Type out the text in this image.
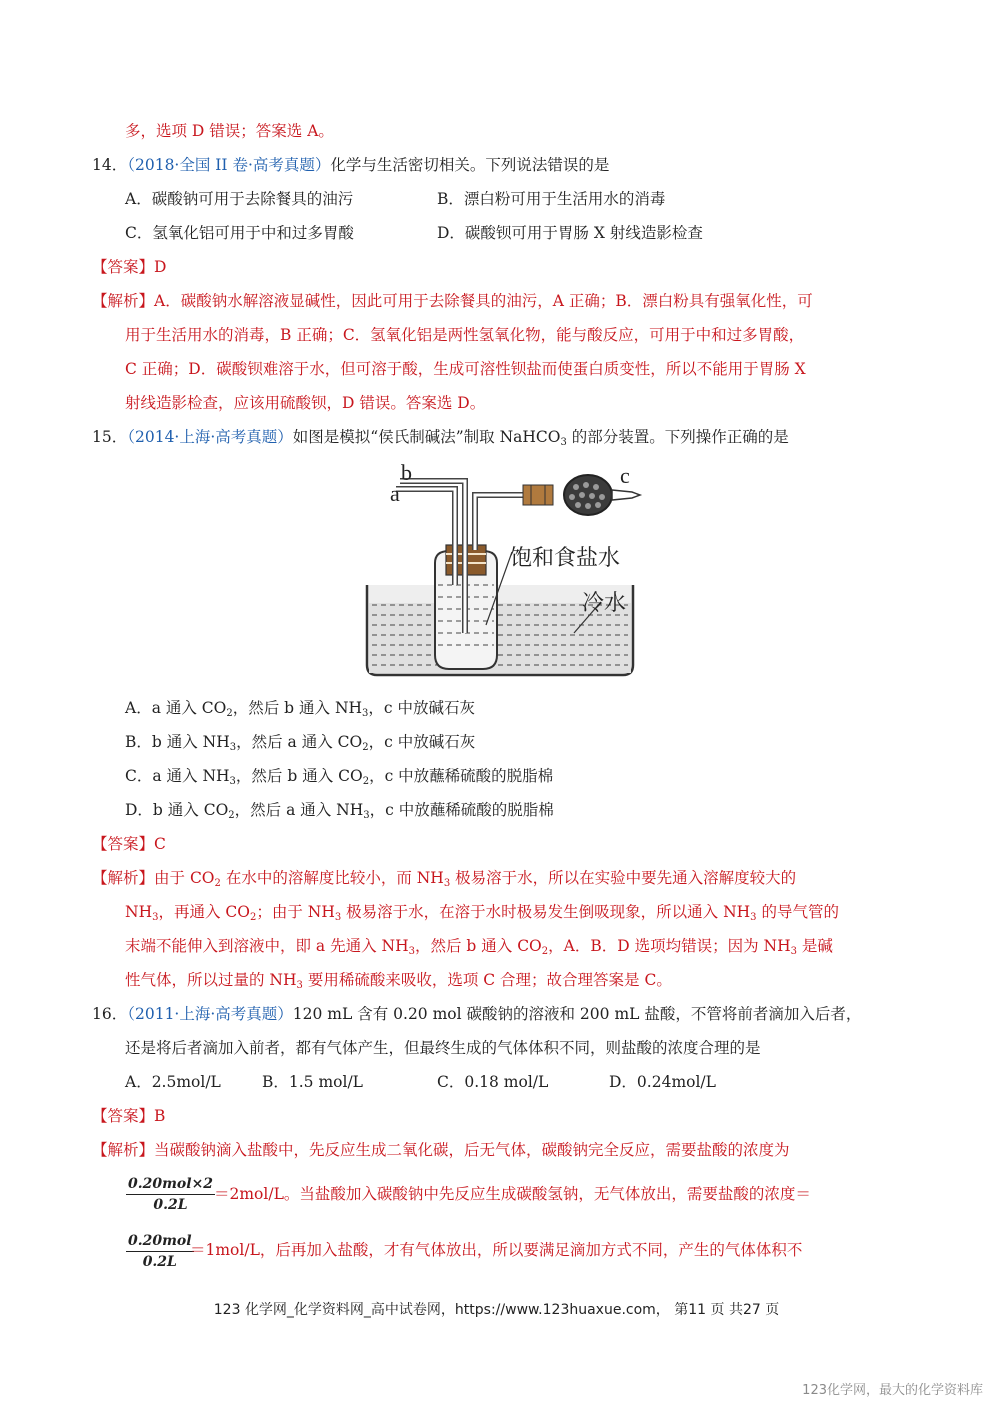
多，选项 D 错误；答案选 A。
14．（2018·全国 II 卷·高考真题）化学与生活密切相关。下列说法错误的是
A．碳酸钠可用于去除餐具的油污	B．漂白粉可用于生活用水的消毒
C．氢氧化铝可用于中和过多胃酸	D．碳酸钡可用于胃肠 X 射线造影检查
【答案】D
【解析】A．碳酸钠水解溶液显碱性，因此可用于去除餐具的油污，A 正确；B．漂白粉具有强氧化性，可
用于生活用水的消毒，B 正确；C．氢氧化铝是两性氢氧化物，能与酸反应，可用于中和过多胃酸，
C 正确；D．碳酸钡难溶于水，但可溶于酸，生成可溶性钡盐而使蛋白质变性，所以不能用于胃肠 X
射线造影检查，应该用硫酸钡，D 错误。答案选 D。
15．（2014·上海·高考真题）如图是模拟“侯氏制碱法”制取 NaHCO$_3$ 的部分装置。下列操作正确的是
a
b	c
饱和食盐水
冷水
A．a 通入 $CO_2$，然后 b 通入 $NH_3$，c 中放碱石灰
B．b 通入 $NH_3$，然后 a 通入 $CO_2$，c 中放碱石灰
C．a 通入 $NH_3$，然后 b 通入 $CO_2$，c 中放蘸稀硫酸的脱脂棉
D．b 通入 $CO_2$，然后 a 通入 $NH_3$，c 中放蘸稀硫酸的脱脂棉
【答案】C
【解析】由于 $CO_2$ 在水中的溶解度比较小，而 $NH_3$ 极易溶于水，所以在实验中要先通入溶解度较大的
$NH_3$，再通入 $CO_2$；由于 $NH_3$ 极易溶于水，在溶于水时极易发生倒吸现象，所以通入 $NH_3$ 的导气管的
末端不能伸入到溶液中，即 a 先通入 $NH_3$，然后 b 通入 $CO_2$，A．B．D 选项均错误；因为 $NH_3$ 是碱
性气体，所以过量的 $NH_3$ 要用稀硫酸来吸收，选项 C 合理；故合理答案是 C。
16．（2011·上海·高考真题）120 mL 含有 0.20 mol 碳酸钠的溶液和 200 mL 盐酸，不管将前者滴加入后者，
还是将后者滴加入前者，都有气体产生，但最终生成的气体体积不同，则盐酸的浓度合理的是
A．2.5mol/L	B．1.5 mol/L	C．0.18 mol/L	D．0.24mol/L
【答案】B
【解析】当碳酸钠滴入盐酸中，先反应生成二氧化碳，后无气体，碳酸钠完全反应，需要盐酸的浓度为
0.20mol×2
0.2L
＝2mol/L。当盐酸加入碳酸钠中先反应生成碳酸氢钠，无气体放出，需要盐酸的浓度＝
0.20mol
0.2L
＝1mol/L，后再加入盐酸，才有气体放出，所以要满足滴加方式不同，产生的气体体积不
123 化学网_化学资料网_高中试卷网，https://www.123huaxue.com， 第11 页 共27 页
123化学网，最大的化学资料库
